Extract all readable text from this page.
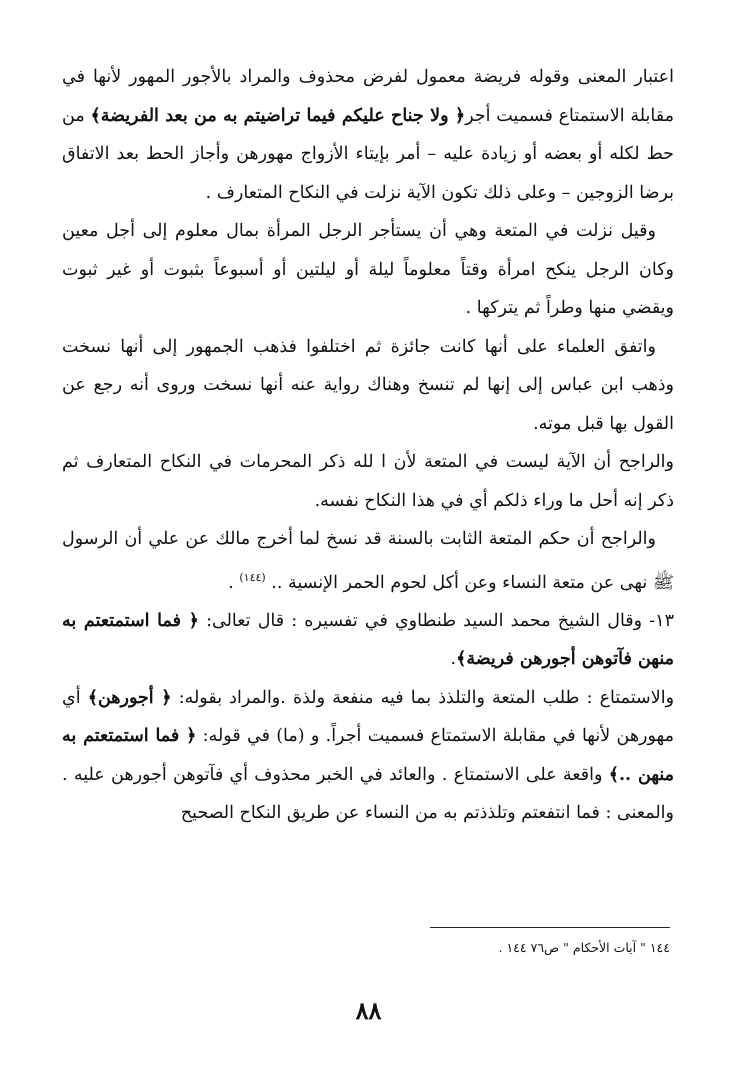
اعتبار المعنى وقوله فريضة معمول لفرض محذوف والمراد بالأجور المهور لأنها في مقابلة الاستمتاع فسميت أجر﴿ ولا جناح عليكم فيما تراضيتم به من بعد الفريضة﴾ من حط لكله أو بعضه أو زيادة عليه – أمر بإيتاء الأزواج مهورهن وأجاز الحط بعد الاتفاق برضا الزوجين – وعلى ذلك تكون الآية نزلت في النكاح المتعارف .

وقيل نزلت في المتعة وهي أن يستأجر الرجل المرأة بمال معلوم إلى أجل معين وكان الرجل ينكح امرأة وقتاً معلوماً ليلة أو ليلتين أو أسبوعاً بثبوت أو غير ثبوت ويقضي منها وطراً ثم يتركها .

واتفق العلماء على أنها كانت جائزة ثم اختلفوا فذهب الجمهور إلى أنها نسخت وذهب ابن عباس إلى إنها لم تنسخ وهناك رواية عنه أنها نسخت وروى أنه رجع عن القول بها قبل موته.

والراجح أن الآية ليست في المتعة لأن ا لله ذكر المحرمات في النكاح المتعارف ثم ذكر إنه أحل ما وراء ذلكم أي في هذا النكاح نفسه.

والراجح أن حكم المتعة الثابت بالسنة قد نسخ لما أخرج مالك عن علي أن الرسول ﷺ نهى عن متعة النساء وعن أكل لحوم الحمر الإنسية .. $^{(١٤٤)}$ .

١٣- وقال الشيخ محمد السيد طنطاوي في تفسيره : قال تعالى: ﴿ فما استمتعتم به منهن فآتوهن أجورهن فريضة﴾.

والاستمتاع : طلب المتعة والتلذذ بما فيه منفعة ولذة .والمراد بقوله: ﴿ أجورهن﴾ أي مهورهن لأنها في مقابلة الاستمتاع فسميت أجراً. و (ما) في قوله: ﴿ فما استمتعتم به منهن ..﴾ واقعة على الاستمتاع . والعائد في الخبر محذوف أي فآتوهن أجورهن عليه . والمعنى : فما انتفعتم وتلذذتم به من النساء عن طريق النكاح الصحيح

١٤٤ " آيات الأحكام " ص٧٦ ١٤٤ .
٨٨
